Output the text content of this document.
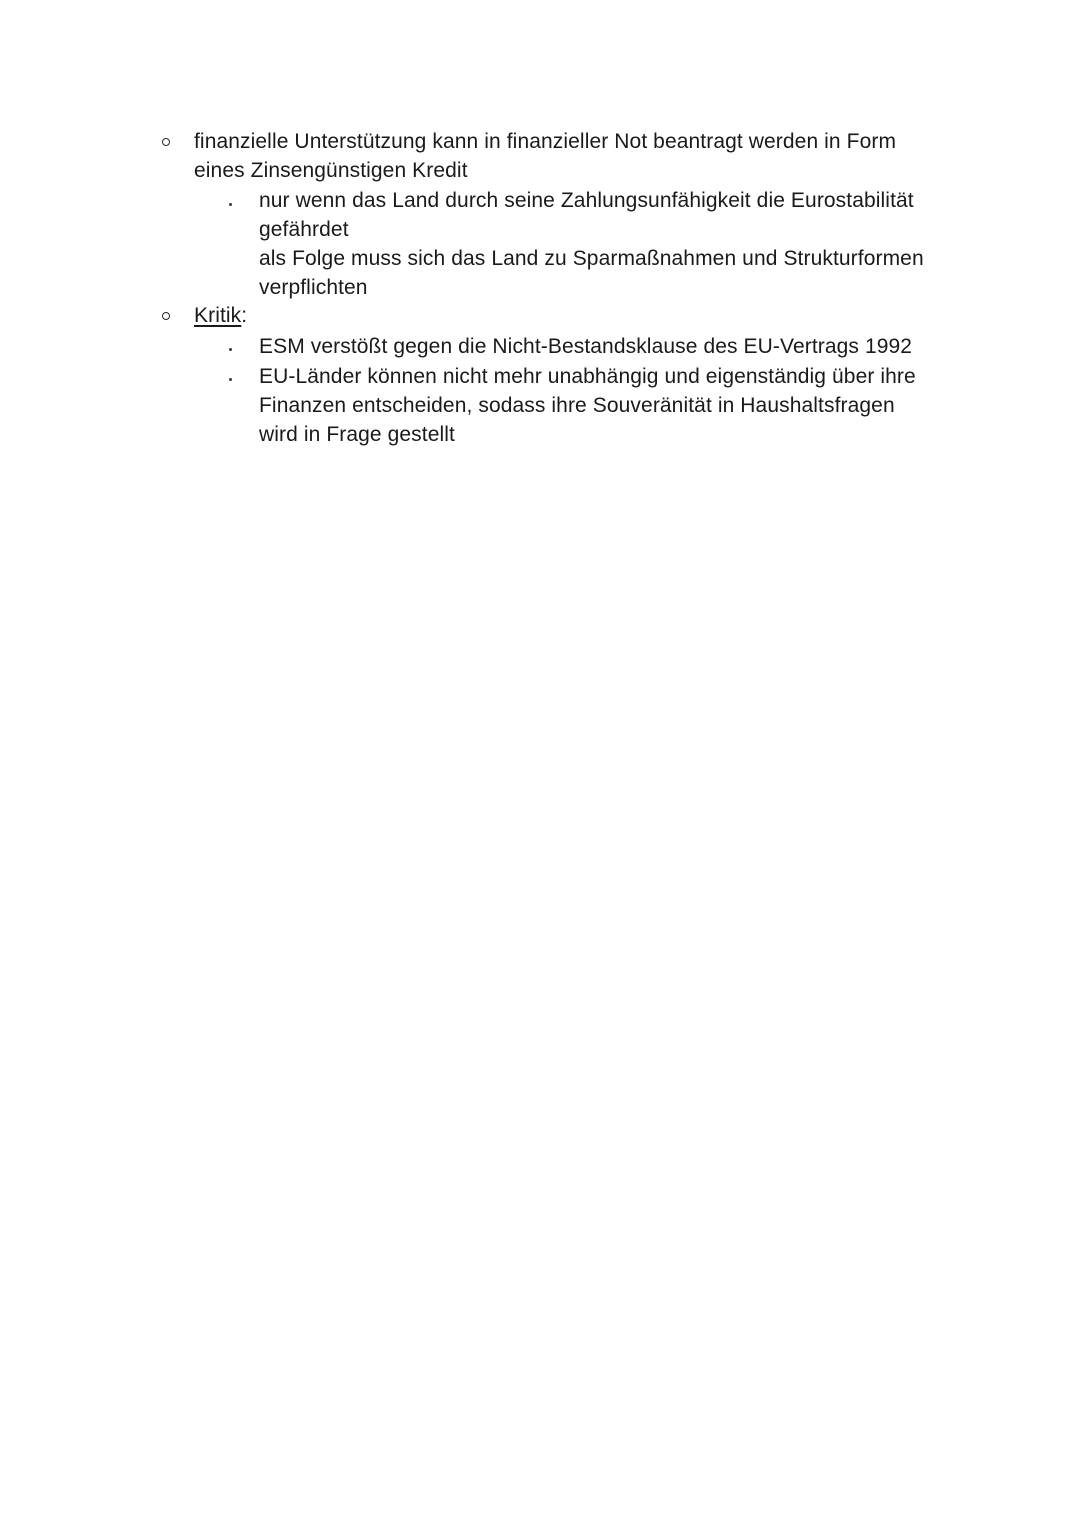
finanzielle Unterstützung kann in finanzieller Not beantragt werden in Form
eines Zinsengünstigen Kredit
nur wenn das Land durch seine Zahlungsunfähigkeit die Eurostabilität
gefährdet
als Folge muss sich das Land zu Sparmaßnahmen und Strukturformen
verpflichten
Kritik:
ESM verstößt gegen die Nicht-Bestandsklause des EU-Vertrags 1992
EU-Länder können nicht mehr unabhängig und eigenständig über ihre
Finanzen entscheiden, sodass ihre Souveränität in Haushaltsfragen
wird in Frage gestellt
